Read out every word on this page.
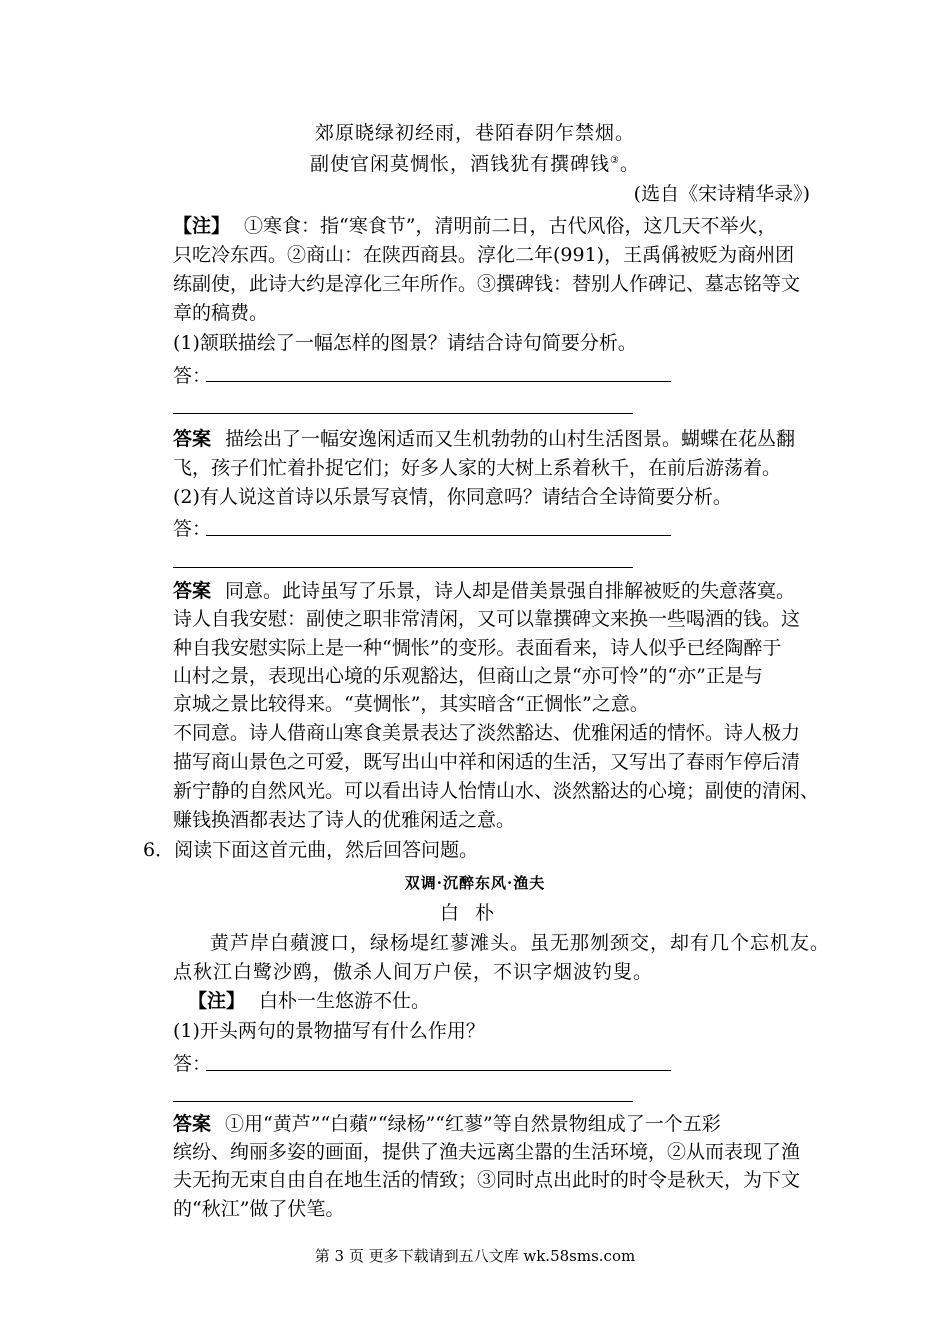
郊原晓绿初经雨，巷陌春阴乍禁烟。
副使官闲莫惆怅，酒钱犹有撰碑钱③。
(选自《宋诗精华录》)
【注】 ①寒食：指“寒食节”，清明前二日，古代风俗，这几天不举火，
只吃冷东西。②商山：在陕西商县。淳化二年(991)，王禹偁被贬为商州团
练副使，此诗大约是淳化三年所作。③撰碑钱：替别人作碑记、墓志铭等文
章的稿费。
(1)颔联描绘了一幅怎样的图景？请结合诗句简要分析。
答：
答案 描绘出了一幅安逸闲适而又生机勃勃的山村生活图景。蝴蝶在花丛翻
飞，孩子们忙着扑捉它们；好多人家的大树上系着秋千，在前后游荡着。
(2)有人说这首诗以乐景写哀情，你同意吗？请结合全诗简要分析。
答：
答案 同意。此诗虽写了乐景，诗人却是借美景强自排解被贬的失意落寞。
诗人自我安慰：副使之职非常清闲，又可以靠撰碑文来换一些喝酒的钱。这
种自我安慰实际上是一种“惆怅”的变形。表面看来，诗人似乎已经陶醉于
山村之景，表现出心境的乐观豁达，但商山之景“亦可怜”的“亦”正是与
京城之景比较得来。“莫惆怅”，其实暗含“正惆怅”之意。
不同意。诗人借商山寒食美景表达了淡然豁达、优雅闲适的情怀。诗人极力
描写商山景色之可爱，既写出山中祥和闲适的生活，又写出了春雨乍停后清
新宁静的自然风光。可以看出诗人怡情山水、淡然豁达的心境；副使的清闲、
赚钱换酒都表达了诗人的优雅闲适之意。
6．阅读下面这首元曲，然后回答问题。
双调·沉醉东风·渔夫
白朴
黄芦岸白蘋渡口，绿杨堤红蓼滩头。虽无那刎颈交，却有几个忘机友。
点秋江白鹭沙鸥，傲杀人间万户侯，不识字烟波钓叟。
【注】 白朴一生悠游不仕。
(1)开头两句的景物描写有什么作用？
答：
答案 ①用“黄芦”“白蘋”“绿杨”“红蓼”等自然景物组成了一个五彩
缤纷、绚丽多姿的画面，提供了渔夫远离尘嚣的生活环境，②从而表现了渔
夫无拘无束自由自在地生活的情致；③同时点出此时的时令是秋天，为下文
的“秋江”做了伏笔。
第 3 页 更多下载请到五八文库 wk.58sms.com
